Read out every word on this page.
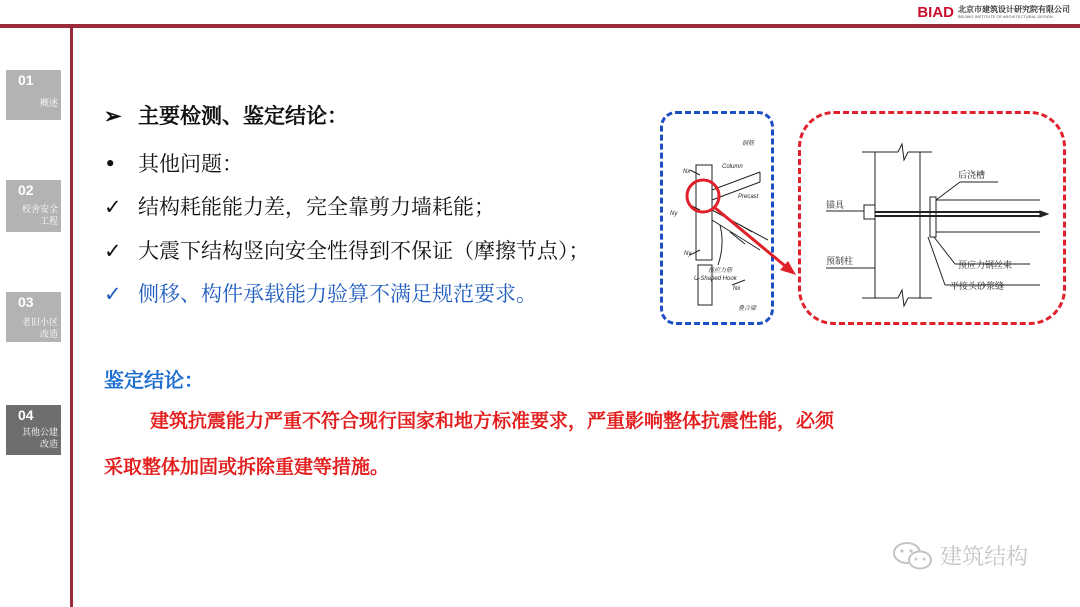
BIAD 北京市建筑设计研究院有限公司
BEIJING INSTITUTE OF ARCHITECTURAL DESIGN
01
概述
02
校舍安全
工程
03
老旧小区
改造
04
其他公建
改造
➢ 主要检测、鉴定结论：
• 其他问题：
✓ 结构耗能能力差，完全靠剪力墙耗能；
✓ 大震下结构竖向安全性得到不保证（摩擦节点）；
✓ 侧移、构件承载能力验算不满足规范要求。
鉴定结论：
建筑抗震能力严重不符合现行国家和地方标准要求，严重影响整体抗震性能，必须
采取整体加固或拆除重建等措施。
钢筋
Column
Nx
Ny
Ny
Nx
Precast
U-Shaped Hook
预应力筋
叠合梁
后浇槽
锚具
预制柱	预应力钢丝束
平接头砂浆缝
建筑结构
